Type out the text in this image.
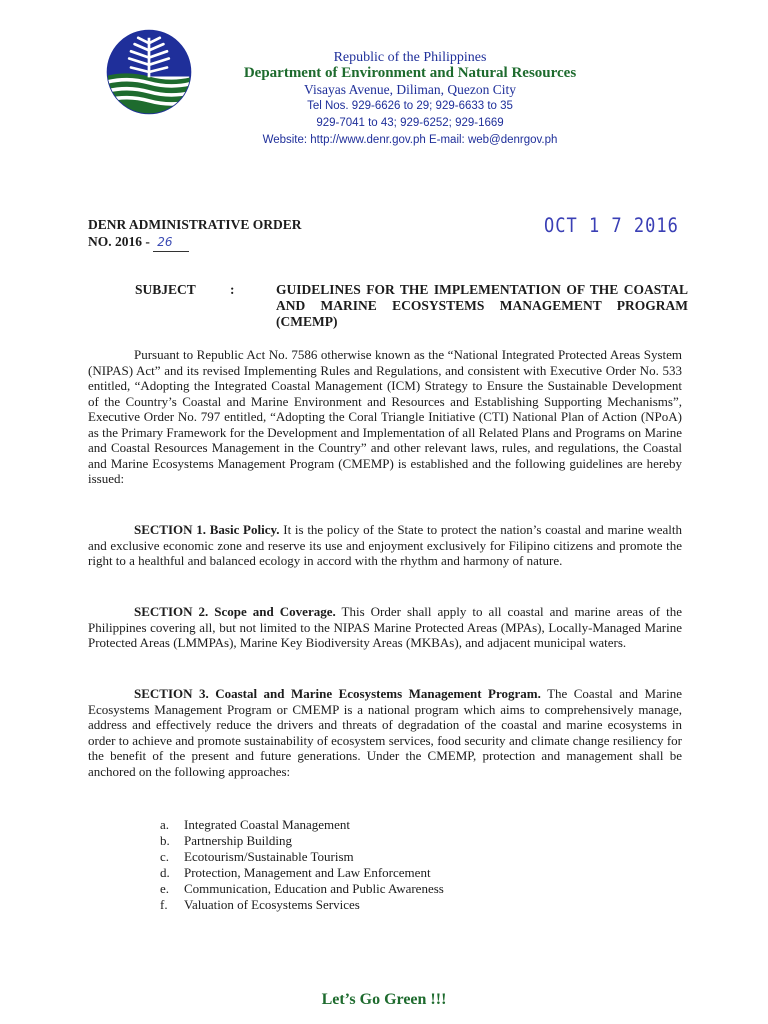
Republic of the Philippines
Department of Environment and Natural Resources
Visayas Avenue, Diliman, Quezon City
Tel Nos. 929-6626 to 29; 929-6633 to 35
929-7041 to 43; 929-6252; 929-1669
Website: http://www.denr.gov.ph E-mail: web@denrgov.ph
DENR ADMINISTRATIVE ORDER
NO. 2016 - 26
OCT 1 7 2016
SUBJECT	:	GUIDELINES FOR THE IMPLEMENTATION OF THE COASTAL AND MARINE ECOSYSTEMS MANAGEMENT PROGRAM (CMEMP)
Pursuant to Republic Act No. 7586 otherwise known as the “National Integrated Protected Areas System (NIPAS) Act” and its revised Implementing Rules and Regulations, and consistent with Executive Order No. 533 entitled, “Adopting the Integrated Coastal Management (ICM) Strategy to Ensure the Sustainable Development of the Country’s Coastal and Marine Environment and Resources and Establishing Supporting Mechanisms”, Executive Order No. 797 entitled, “Adopting the Coral Triangle Initiative (CTI) National Plan of Action (NPoA) as the Primary Framework for the Development and Implementation of all Related Plans and Programs on Marine and Coastal Resources Management in the Country” and other relevant laws, rules, and regulations, the Coastal and Marine Ecosystems Management Program (CMEMP) is established and the following guidelines are hereby issued:
SECTION 1. Basic Policy. It is the policy of the State to protect the nation’s coastal and marine wealth and exclusive economic zone and reserve its use and enjoyment exclusively for Filipino citizens and promote the right to a healthful and balanced ecology in accord with the rhythm and harmony of nature.
SECTION 2. Scope and Coverage. This Order shall apply to all coastal and marine areas of the Philippines covering all, but not limited to the NIPAS Marine Protected Areas (MPAs), Locally-Managed Marine Protected Areas (LMMPAs), Marine Key Biodiversity Areas (MKBAs), and adjacent municipal waters.
SECTION 3. Coastal and Marine Ecosystems Management Program. The Coastal and Marine Ecosystems Management Program or CMEMP is a national program which aims to comprehensively manage, address and effectively reduce the drivers and threats of degradation of the coastal and marine ecosystems in order to achieve and promote sustainability of ecosystem services, food security and climate change resiliency for the benefit of the present and future generations. Under the CMEMP, protection and management shall be anchored on the following approaches:
a.	Integrated Coastal Management
b.	Partnership Building
c.	Ecotourism/Sustainable Tourism
d.	Protection, Management and Law Enforcement
e.	Communication, Education and Public Awareness
f.	Valuation of Ecosystems Services
Let’s Go Green !!!
